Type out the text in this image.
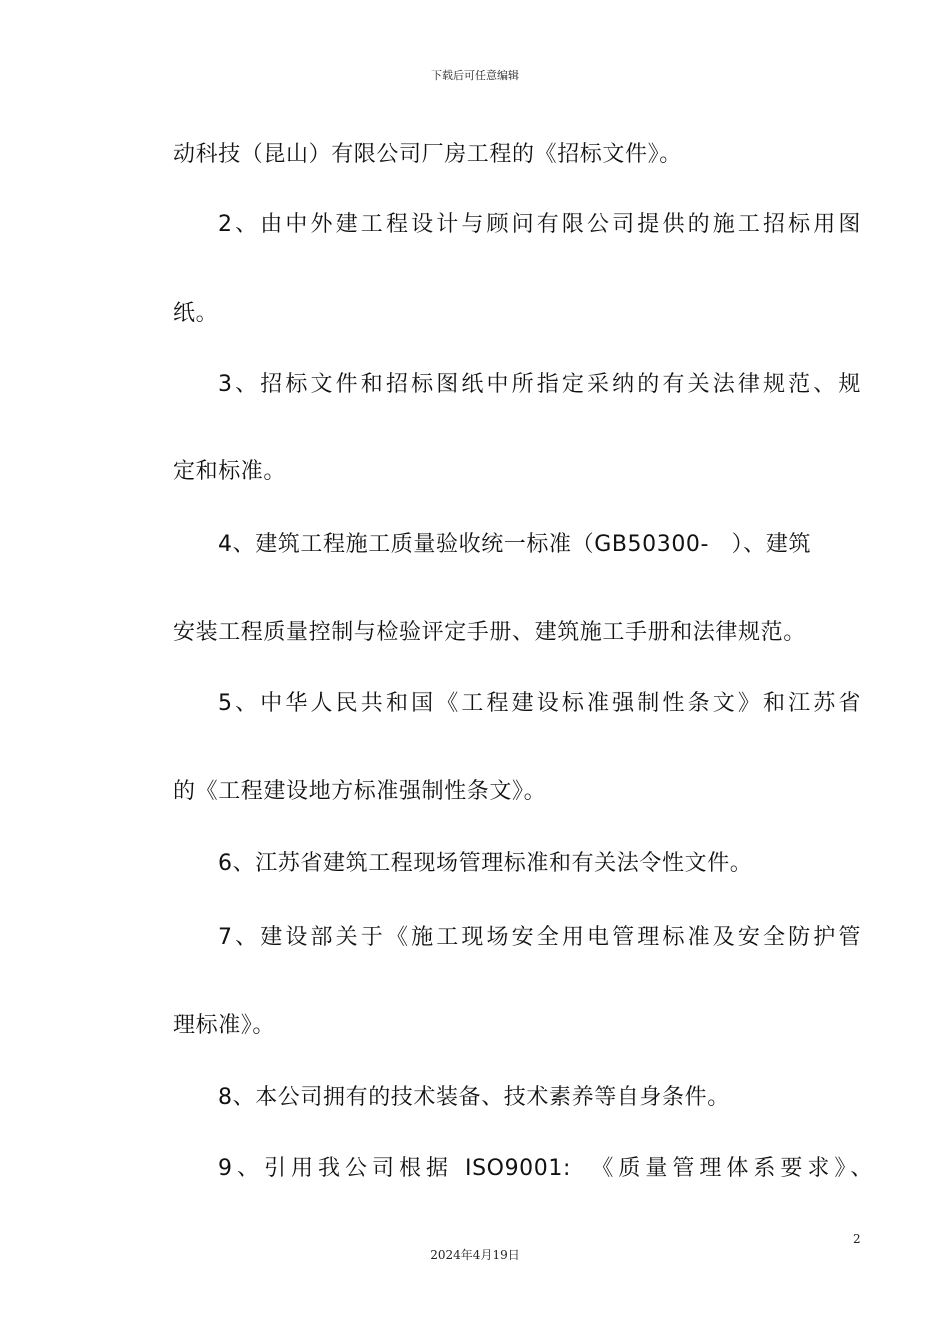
下载后可任意编辑
动科技（昆山）有限公司厂房工程的《招标文件》。
2、由中外建工程设计与顾问有限公司提供的施工招标用图
纸。
3、招标文件和招标图纸中所指定采纳的有关法律规范、规
定和标准。
4、建筑工程施工质量验收统一标准（GB50300-　）、建筑
安装工程质量控制与检验评定手册、建筑施工手册和法律规范。
5、中华人民共和国《工程建设标准强制性条文》和江苏省
的《工程建设地方标准强制性条文》。
6、江苏省建筑工程现场管理标准和有关法令性文件。
7、建设部关于《施工现场安全用电管理标准及安全防护管
理标准》。
8、本公司拥有的技术装备、技术素养等自身条件。
9、引用我公司根据 ISO9001:　《质量管理体系要求》、
2
2024年4月19日
